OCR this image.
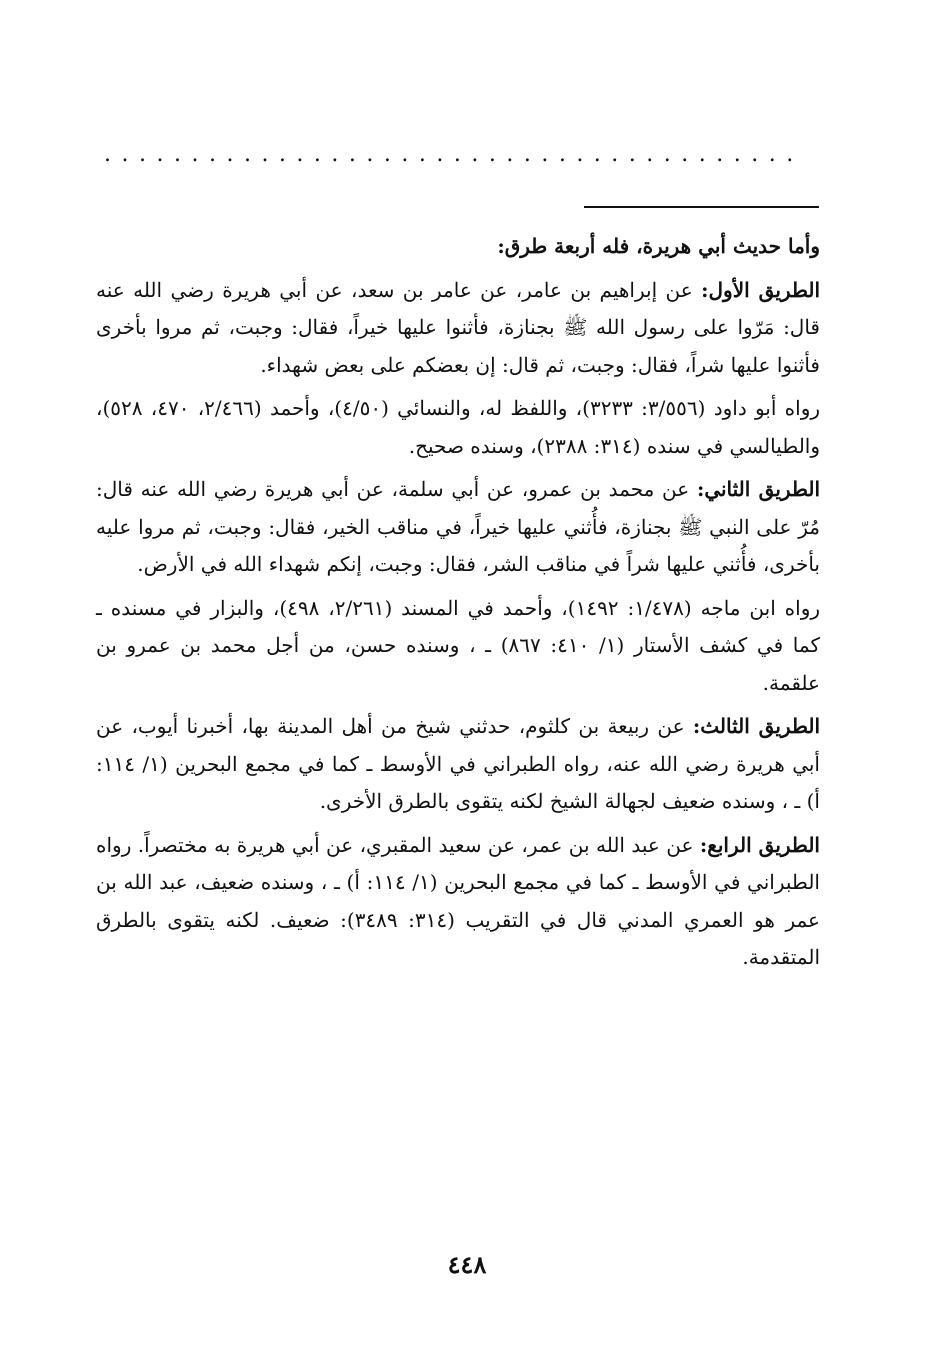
........................................

وأما حديث أبي هريرة، فله أربعة طرق:

الطريق الأول: عن إبراهيم بن عامر، عن عامر بن سعد، عن أبي هريرة رضي الله عنه قال: مَرّوا على رسول الله ﷺ بجنازة، فأثنوا عليها خيراً، فقال: وجبت، ثم مروا بأخرى فأثنوا عليها شراً، فقال: وجبت، ثم قال: إن بعضكم على بعض شهداء.

رواه أبو داود (٣/٥٥٦: ٣٢٣٣)، واللفظ له، والنسائي (٤/٥٠)، وأحمد (٢/٤٦٦، ٤٧٠، ٥٢٨)، والطيالسي في سنده (٣١٤: ٢٣٨٨)، وسنده صحيح.

الطريق الثاني: عن محمد بن عمرو، عن أبي سلمة، عن أبي هريرة رضي الله عنه قال: مُرّ على النبي ﷺ بجنازة، فأُثني عليها خيراً، في مناقب الخير، فقال: وجبت، ثم مروا عليه بأخرى، فأُثني عليها شراً في مناقب الشر، فقال: وجبت، إنكم شهداء الله في الأرض.

رواه ابن ماجه (١/٤٧٨: ١٤٩٢)، وأحمد في المسند (٢/٢٦١، ٤٩٨)، والبزار في مسنده ـ كما في كشف الأستار (١/ ٤١٠: ٨٦٧) ـ ، وسنده حسن، من أجل محمد بن عمرو بن علقمة.

الطريق الثالث: عن ربيعة بن كلثوم، حدثني شيخ من أهل المدينة بها، أخبرنا أيوب، عن أبي هريرة رضي الله عنه، رواه الطبراني في الأوسط ـ كما في مجمع البحرين (١/ ١١٤: أ) ـ ، وسنده ضعيف لجهالة الشيخ لكنه يتقوى بالطرق الأخرى.

الطريق الرابع: عن عبد الله بن عمر، عن سعيد المقبري، عن أبي هريرة به مختصراً. رواه الطبراني في الأوسط ـ كما في مجمع البحرين (١/ ١١٤: أ) ـ ، وسنده ضعيف، عبد الله بن عمر هو العمري المدني قال في التقريب (٣١٤: ٣٤٨٩): ضعيف. لكنه يتقوى بالطرق المتقدمة.

٤٤٨
